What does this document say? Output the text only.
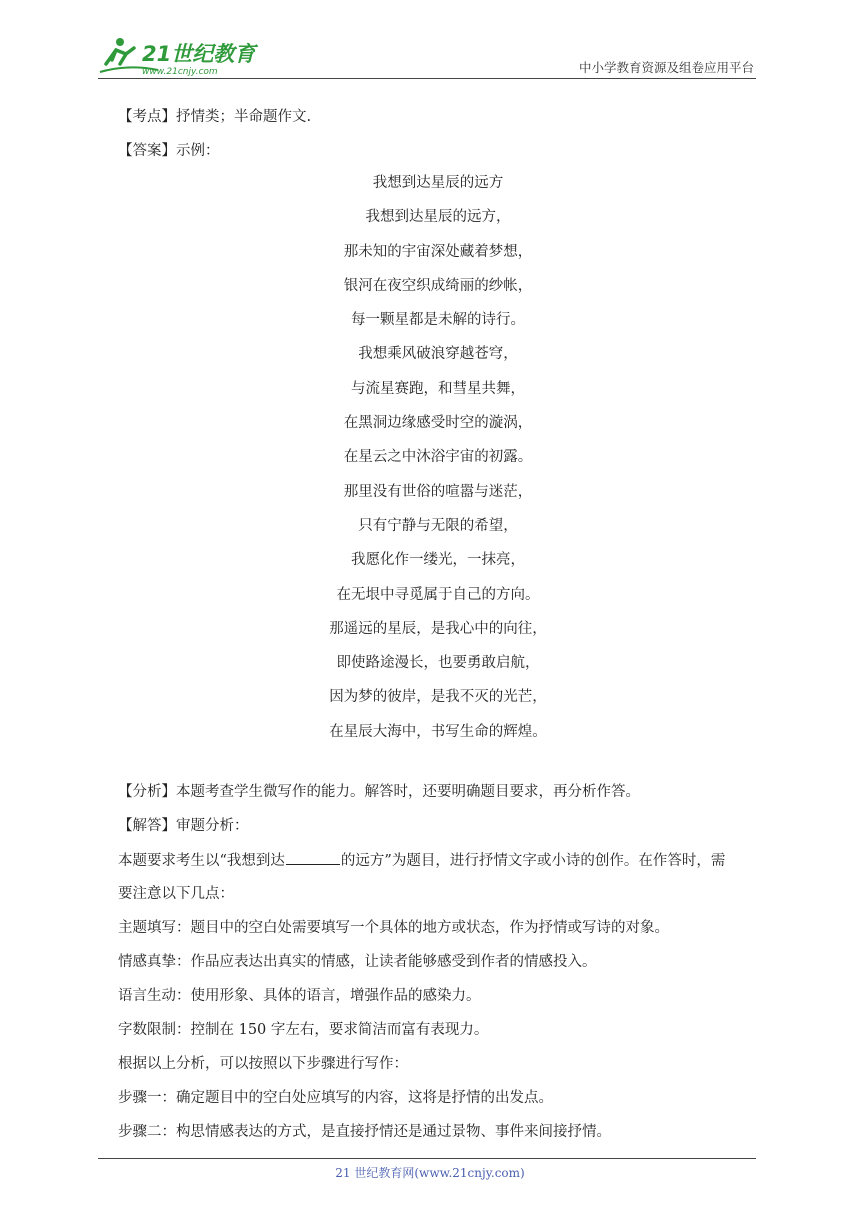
21世纪教育
www.21cnjy.com	中小学教育资源及组卷应用平台
【考点】抒情类；半命题作文.
【答案】示例：
我想到达星辰的远方
我想到达星辰的远方，
那未知的宇宙深处藏着梦想，
银河在夜空织成绮丽的纱帐，
每一颗星都是未解的诗行。
我想乘风破浪穿越苍穹，
与流星赛跑，和彗星共舞，
在黑洞边缘感受时空的漩涡，
在星云之中沐浴宇宙的初露。
那里没有世俗的喧嚣与迷茫，
只有宁静与无限的希望，
我愿化作一缕光，一抹亮，
在无垠中寻觅属于自己的方向。
那遥远的星辰，是我心中的向往，
即使路途漫长，也要勇敢启航，
因为梦的彼岸，是我不灭的光芒，
在星辰大海中，书写生命的辉煌。
【分析】本题考查学生微写作的能力。解答时，还要明确题目要求，再分析作答。
【解答】审题分析：
本题要求考生以“我想到达	的远方”为题目，进行抒情文字或小诗的创作。在作答时，需
要注意以下几点：
主题填写：题目中的空白处需要填写一个具体的地方或状态，作为抒情或写诗的对象。
情感真挚：作品应表达出真实的情感，让读者能够感受到作者的情感投入。
语言生动：使用形象、具体的语言，增强作品的感染力。
字数限制：控制在 150 字左右，要求简洁而富有表现力。
根据以上分析，可以按照以下步骤进行写作：
步骤一：确定题目中的空白处应填写的内容，这将是抒情的出发点。
步骤二：构思情感表达的方式，是直接抒情还是通过景物、事件来间接抒情。
21 世纪教育网(www.21cnjy.com)
